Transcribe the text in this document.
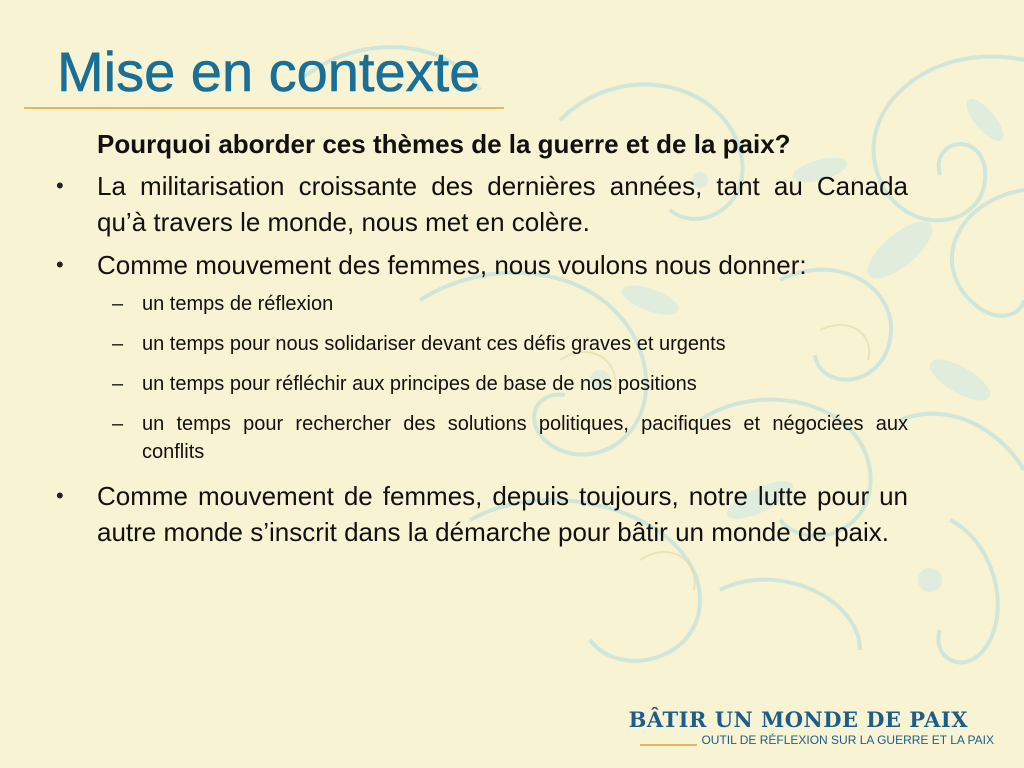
Mise en contexte

Pourquoi aborder ces thèmes de la guerre et de la paix?

• La militarisation croissante des dernières années, tant au Canada qu’à travers le monde, nous met en colère.
• Comme mouvement des femmes, nous voulons nous donner:
– un temps de réflexion
– un temps pour nous solidariser devant ces défis graves et urgents
– un temps pour réfléchir aux principes de base de nos positions
– un temps pour rechercher des solutions politiques, pacifiques et négociées aux conflits
• Comme mouvement de femmes, depuis toujours, notre lutte pour un autre monde s’inscrit dans la démarche pour bâtir un monde de paix.
BÂTIR UN MONDE DE PAIX
OUTIL DE RÉFLEXION SUR LA GUERRE ET LA PAIX
